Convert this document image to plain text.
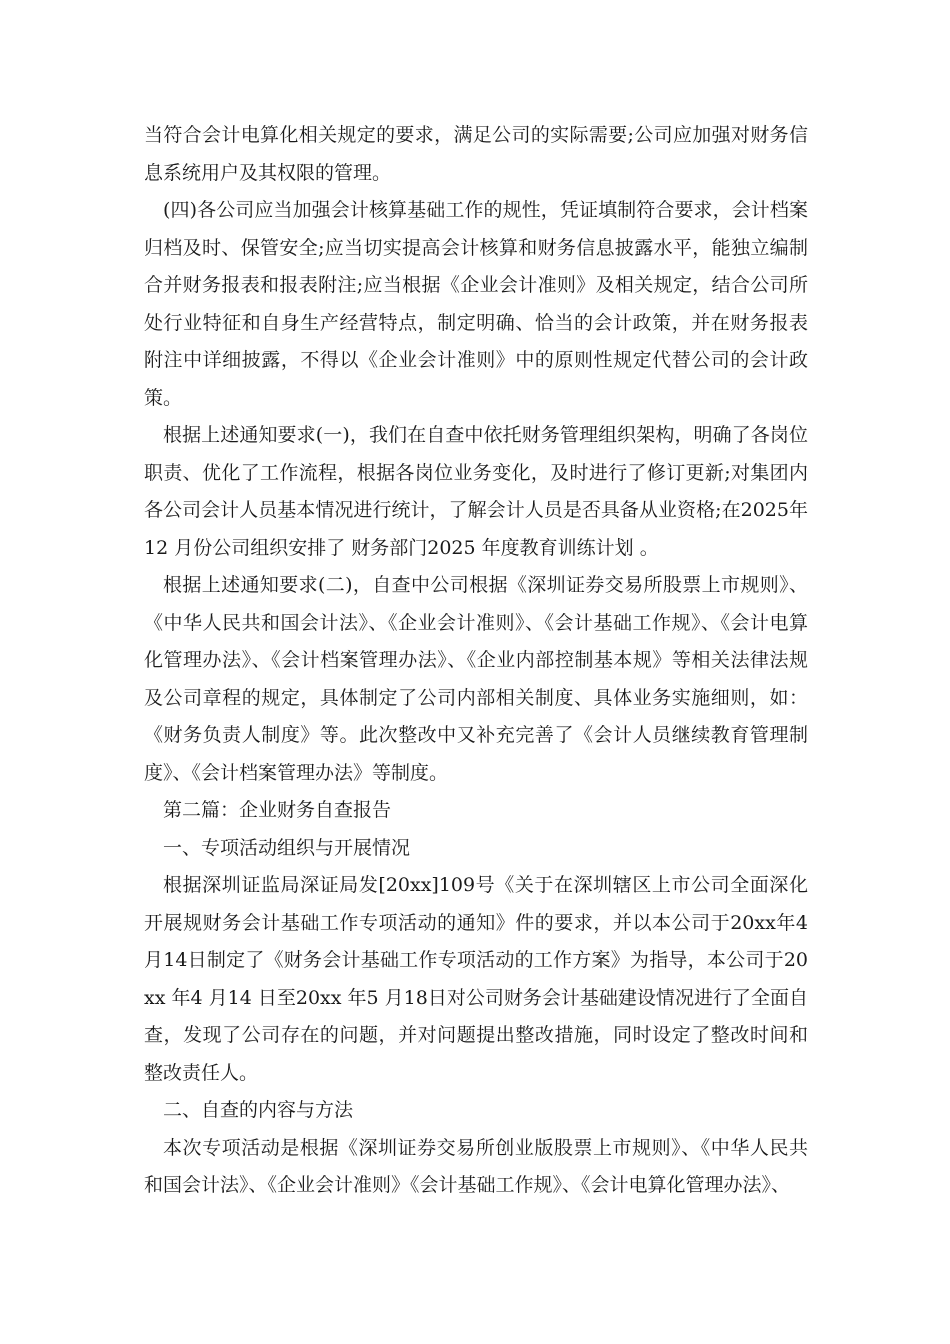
当符合会计电算化相关规定的要求，满足公司的实际需要;公司应加强对财务信息系统用户及其权限的管理。

(四)各公司应当加强会计核算基础工作的规性，凭证填制符合要求，会计档案归档及时、保管安全;应当切实提高会计核算和财务信息披露水平，能独立编制合并财务报表和报表附注;应当根据《企业会计准则》及相关规定，结合公司所处行业特征和自身生产经营特点，制定明确、恰当的会计政策，并在财务报表附注中详细披露，不得以《企业会计准则》中的原则性规定代替公司的会计政策。

根据上述通知要求(一)，我们在自查中依托财务管理组织架构，明确了各岗位职责、优化了工作流程，根据各岗位业务变化，及时进行了修订更新;对集团内各公司会计人员基本情况进行统计，了解会计人员是否具备从业资格;在2025年12 月份公司组织安排了 财务部门2025 年度教育训练计划 。

根据上述通知要求(二)，自查中公司根据《深圳证券交易所股票上市规则》、《中华人民共和国会计法》、《企业会计准则》、《会计基础工作规》、《会计电算化管理办法》、《会计档案管理办法》、《企业内部控制基本规》等相关法律法规及公司章程的规定，具体制定了公司内部相关制度、具体业务实施细则，如：《财务负责人制度》等。此次整改中又补充完善了《会计人员继续教育管理制度》、《会计档案管理办法》等制度。

第二篇：企业财务自查报告

一、专项活动组织与开展情况

根据深圳证监局深证局发[20xx]109号《关于在深圳辖区上市公司全面深化开展规财务会计基础工作专项活动的通知》件的要求，并以本公司于20xx年4月14日制定了《财务会计基础工作专项活动的工作方案》为指导，本公司于20xx 年4 月14 日至20xx 年5 月18日对公司财务会计基础建设情况进行了全面自查，发现了公司存在的问题，并对问题提出整改措施，同时设定了整改时间和整改责任人。

二、自查的内容与方法

本次专项活动是根据《深圳证券交易所创业版股票上市规则》、《中华人民共和国会计法》、《企业会计准则》《会计基础工作规》、《会计电算化管理办法》、
